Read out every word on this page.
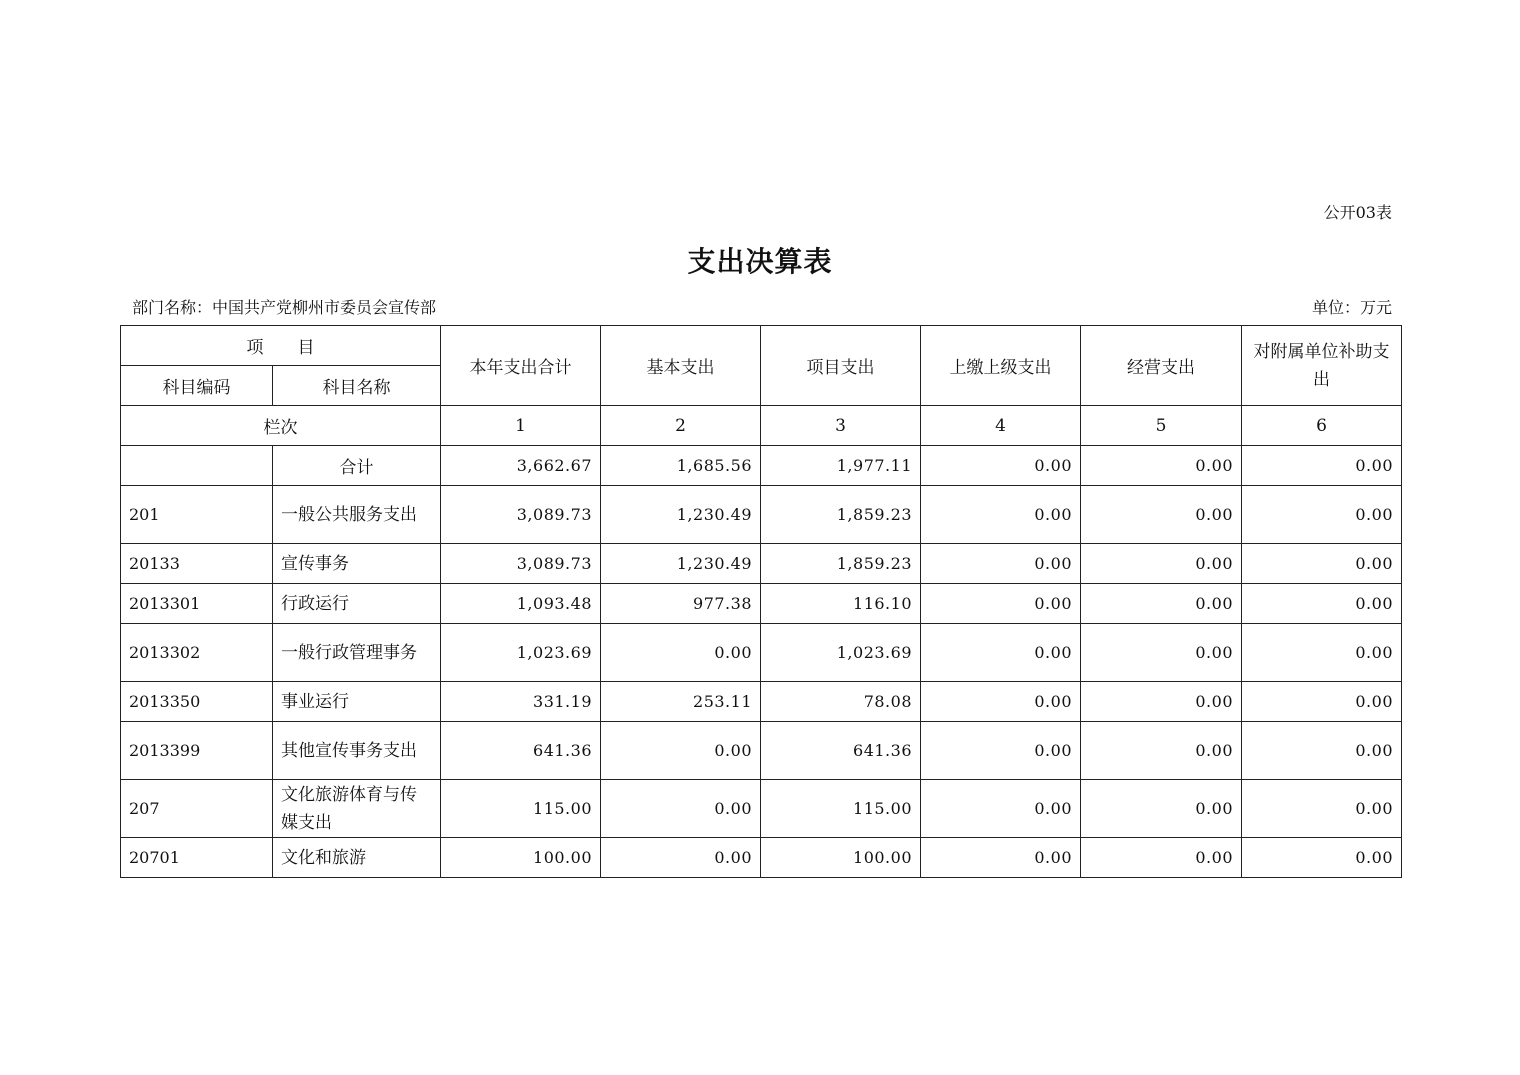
公开03表
支出决算表
部门名称：中国共产党柳州市委员会宣传部	单位：万元
项　　目		本年支出合计	基本支出	项目支出	上缴上级支出	经营支出	对附属单位补助支出
科目编码	科目名称						
栏次		1	2	3	4	5	6
	合计	3,662.67	1,685.56	1,977.11	0.00	0.00	0.00
201	一般公共服务支出	3,089.73	1,230.49	1,859.23	0.00	0.00	0.00
20133	宣传事务	3,089.73	1,230.49	1,859.23	0.00	0.00	0.00
2013301	行政运行	1,093.48	977.38	116.10	0.00	0.00	0.00
2013302	一般行政管理事务	1,023.69	0.00	1,023.69	0.00	0.00	0.00
2013350	事业运行	331.19	253.11	78.08	0.00	0.00	0.00
2013399	其他宣传事务支出	641.36	0.00	641.36	0.00	0.00	0.00
207	文化旅游体育与传媒支出	115.00	0.00	115.00	0.00	0.00	0.00
20701	文化和旅游	100.00	0.00	100.00	0.00	0.00	0.00
